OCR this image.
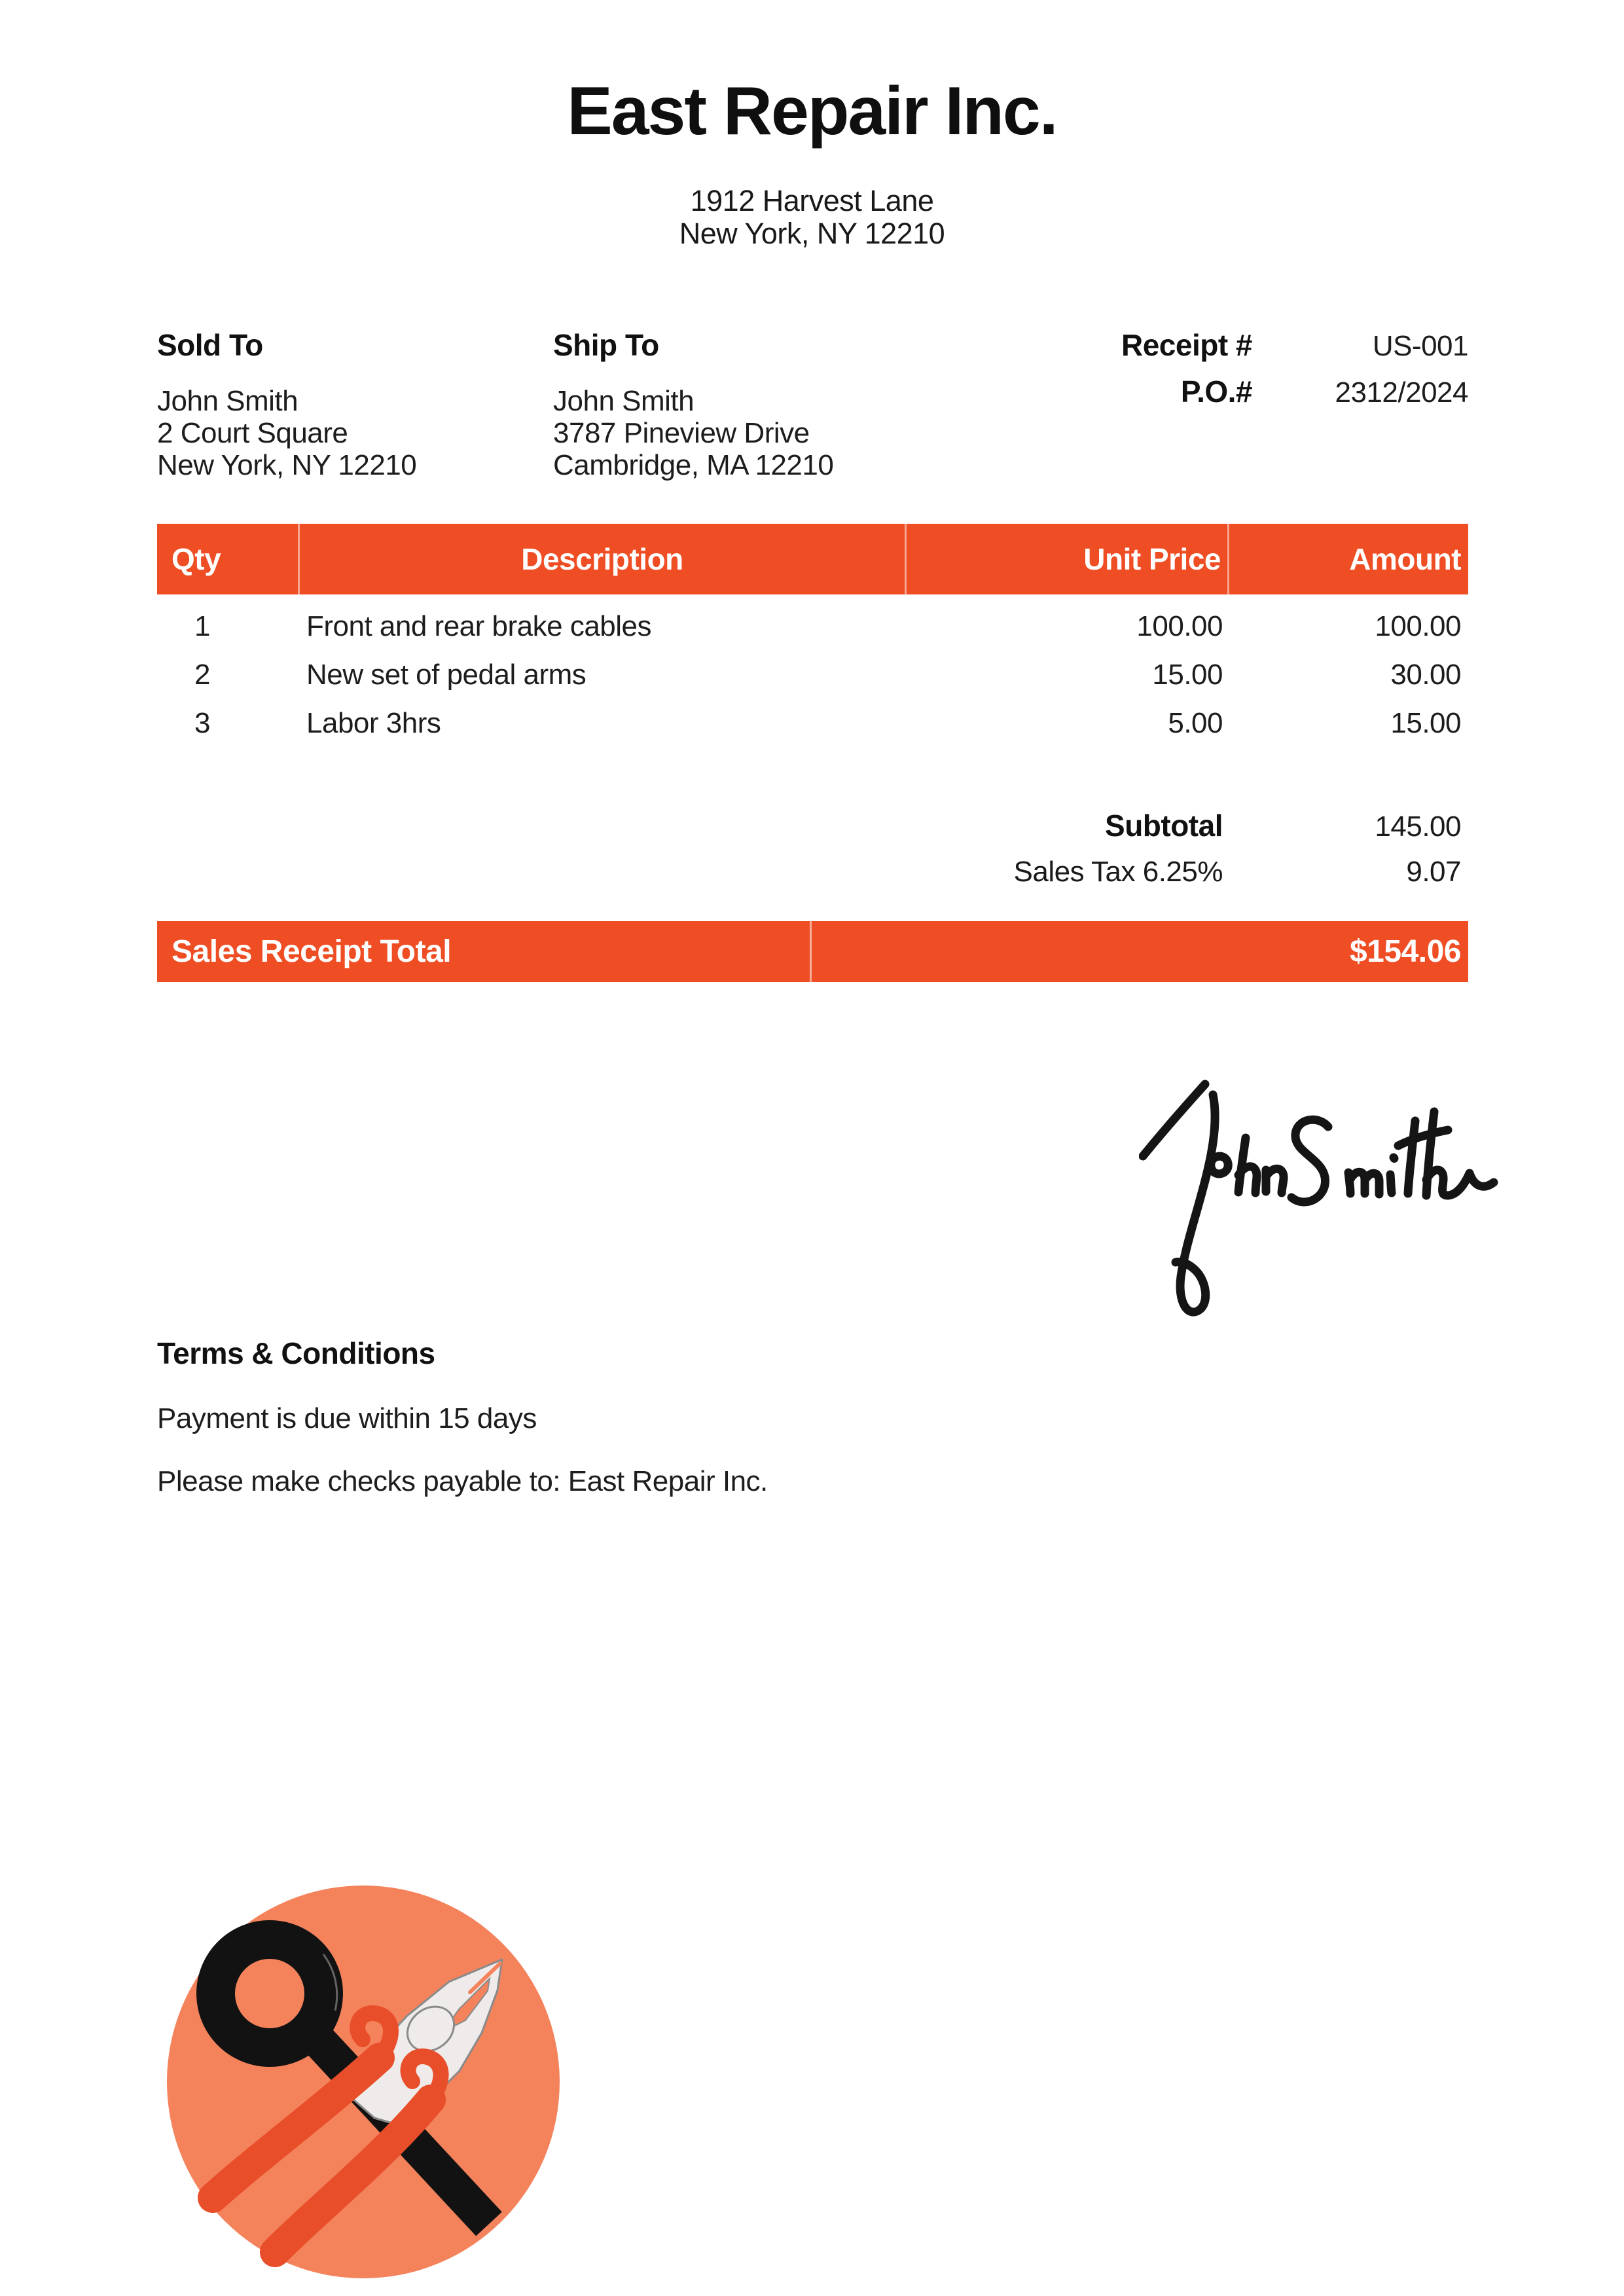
East Repair Inc.
1912 Harvest Lane
New York, NY 12210
Sold To
John Smith
2 Court Square
New York, NY 12210
Ship To
John Smith
3787 Pineview Drive
Cambridge, MA 12210
Receipt #	US-001
P.O.#	2312/2024
Qty	Description	Unit Price	Amount
1	Front and rear brake cables	100.00	100.00
2	New set of pedal arms	15.00	30.00
3	Labor 3hrs	5.00	15.00
Subtotal	145.00
Sales Tax 6.25%	9.07
Sales Receipt Total	$154.06
Terms & Conditions

Payment is due within 15 days

Please make checks payable to: East Repair Inc.
